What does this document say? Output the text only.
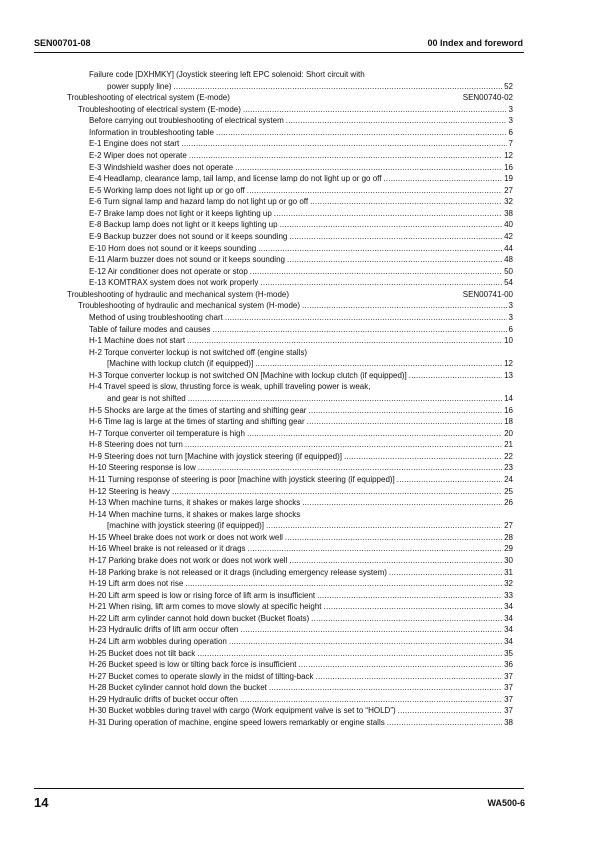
SEN00701-08	00 Index and foreword
Failure code [DXHMKY] (Joystick steering left EPC solenoid: Short circuit with
power supply line) .....	52
Troubleshooting of electrical system (E-mode)	SEN00740-02
Troubleshooting of electrical system (E-mode) .....	3
Before carrying out troubleshooting of electrical system .....	3
Information in troubleshooting table .....	6
E-1 Engine does not start .....	7
E-2 Wiper does not operate .....	12
E-3 Windshield washer does not operate .....	16
E-4 Headlamp, clearance lamp, tail lamp, and license lamp do not light up or go off .....	19
E-5 Working lamp does not light up or go off .....	27
E-6 Turn signal lamp and hazard lamp do not light up or go off .....	32
E-7 Brake lamp does not light or it keeps lighting up .....	38
E-8 Backup lamp does not light or it keeps lighting up .....	40
E-9 Backup buzzer does not sound or it keeps sounding .....	42
E-10 Horn does not sound or it keeps sounding .....	44
E-11 Alarm buzzer does not sound or it keeps sounding .....	48
E-12 Air conditioner does not operate or stop .....	50
E-13 KOMTRAX system does not work properly .....	54
Troubleshooting of hydraulic and mechanical system (H-mode)	SEN00741-00
Troubleshooting of hydraulic and mechanical system (H-mode) .....	3
Method of using troubleshooting chart .....	3
Table of failure modes and causes .....	6
H-1 Machine does not start .....	10
H-2 Torque converter lockup is not switched off (engine stalls)
[Machine with lockup clutch (if equipped)] .....	12
H-3 Torque converter lockup is not switched ON [Machine with lockup clutch (if equipped)] .....	13
H-4 Travel speed is slow, thrusting force is weak, uphill traveling power is weak,
and gear is not shifted .....	14
H-5 Shocks are large at the times of starting and shifting gear .....	16
H-6 Time lag is large at the times of starting and shifting gear .....	18
H-7 Torque converter oil temperature is high .....	20
H-8 Steering does not turn .....	21
H-9 Steering does not turn [Machine with joystick steering (if equipped)] .....	22
H-10 Steering response is low .....	23
H-11 Turning response of steering is poor [machine with joystick steering (if equipped)] .....	24
H-12 Steering is heavy .....	25
H-13 When machine turns, it shakes or makes large shocks .....	26
H-14 When machine turns, it shakes or makes large shocks
[machine with joystick steering (if equipped)] .....	27
H-15 Wheel brake does not work or does not work well .....	28
H-16 Wheel brake is not released or it drags .....	29
H-17 Parking brake does not work or does not work well .....	30
H-18 Parking brake is not released or it drags (including emergency release system) .....	31
H-19 Lift arm does not rise .....	32
H-20 Lift arm speed is low or rising force of lift arm is insufficient .....	33
H-21 When rising, lift arm comes to move slowly at specific height .....	34
H-22 Lift arm cylinder cannot hold down bucket (Bucket floats) .....	34
H-23 Hydraulic drifts of lift arm occur often .....	34
H-24 Lift arm wobbles during operation .....	34
H-25 Bucket does not tilt back .....	35
H-26 Bucket speed is low or tilting back force is insufficient .....	36
H-27 Bucket comes to operate slowly in the midst of tilting-back .....	37
H-28 Bucket cylinder cannot hold down the bucket .....	37
H-29 Hydraulic drifts of bucket occur often .....	37
H-30 Bucket wobbles during travel with cargo (Work equipment valve is set to “HOLD”) .....	37
H-31 During operation of machine, engine speed lowers remarkably or engine stalls .....	38
14	WA500-6
